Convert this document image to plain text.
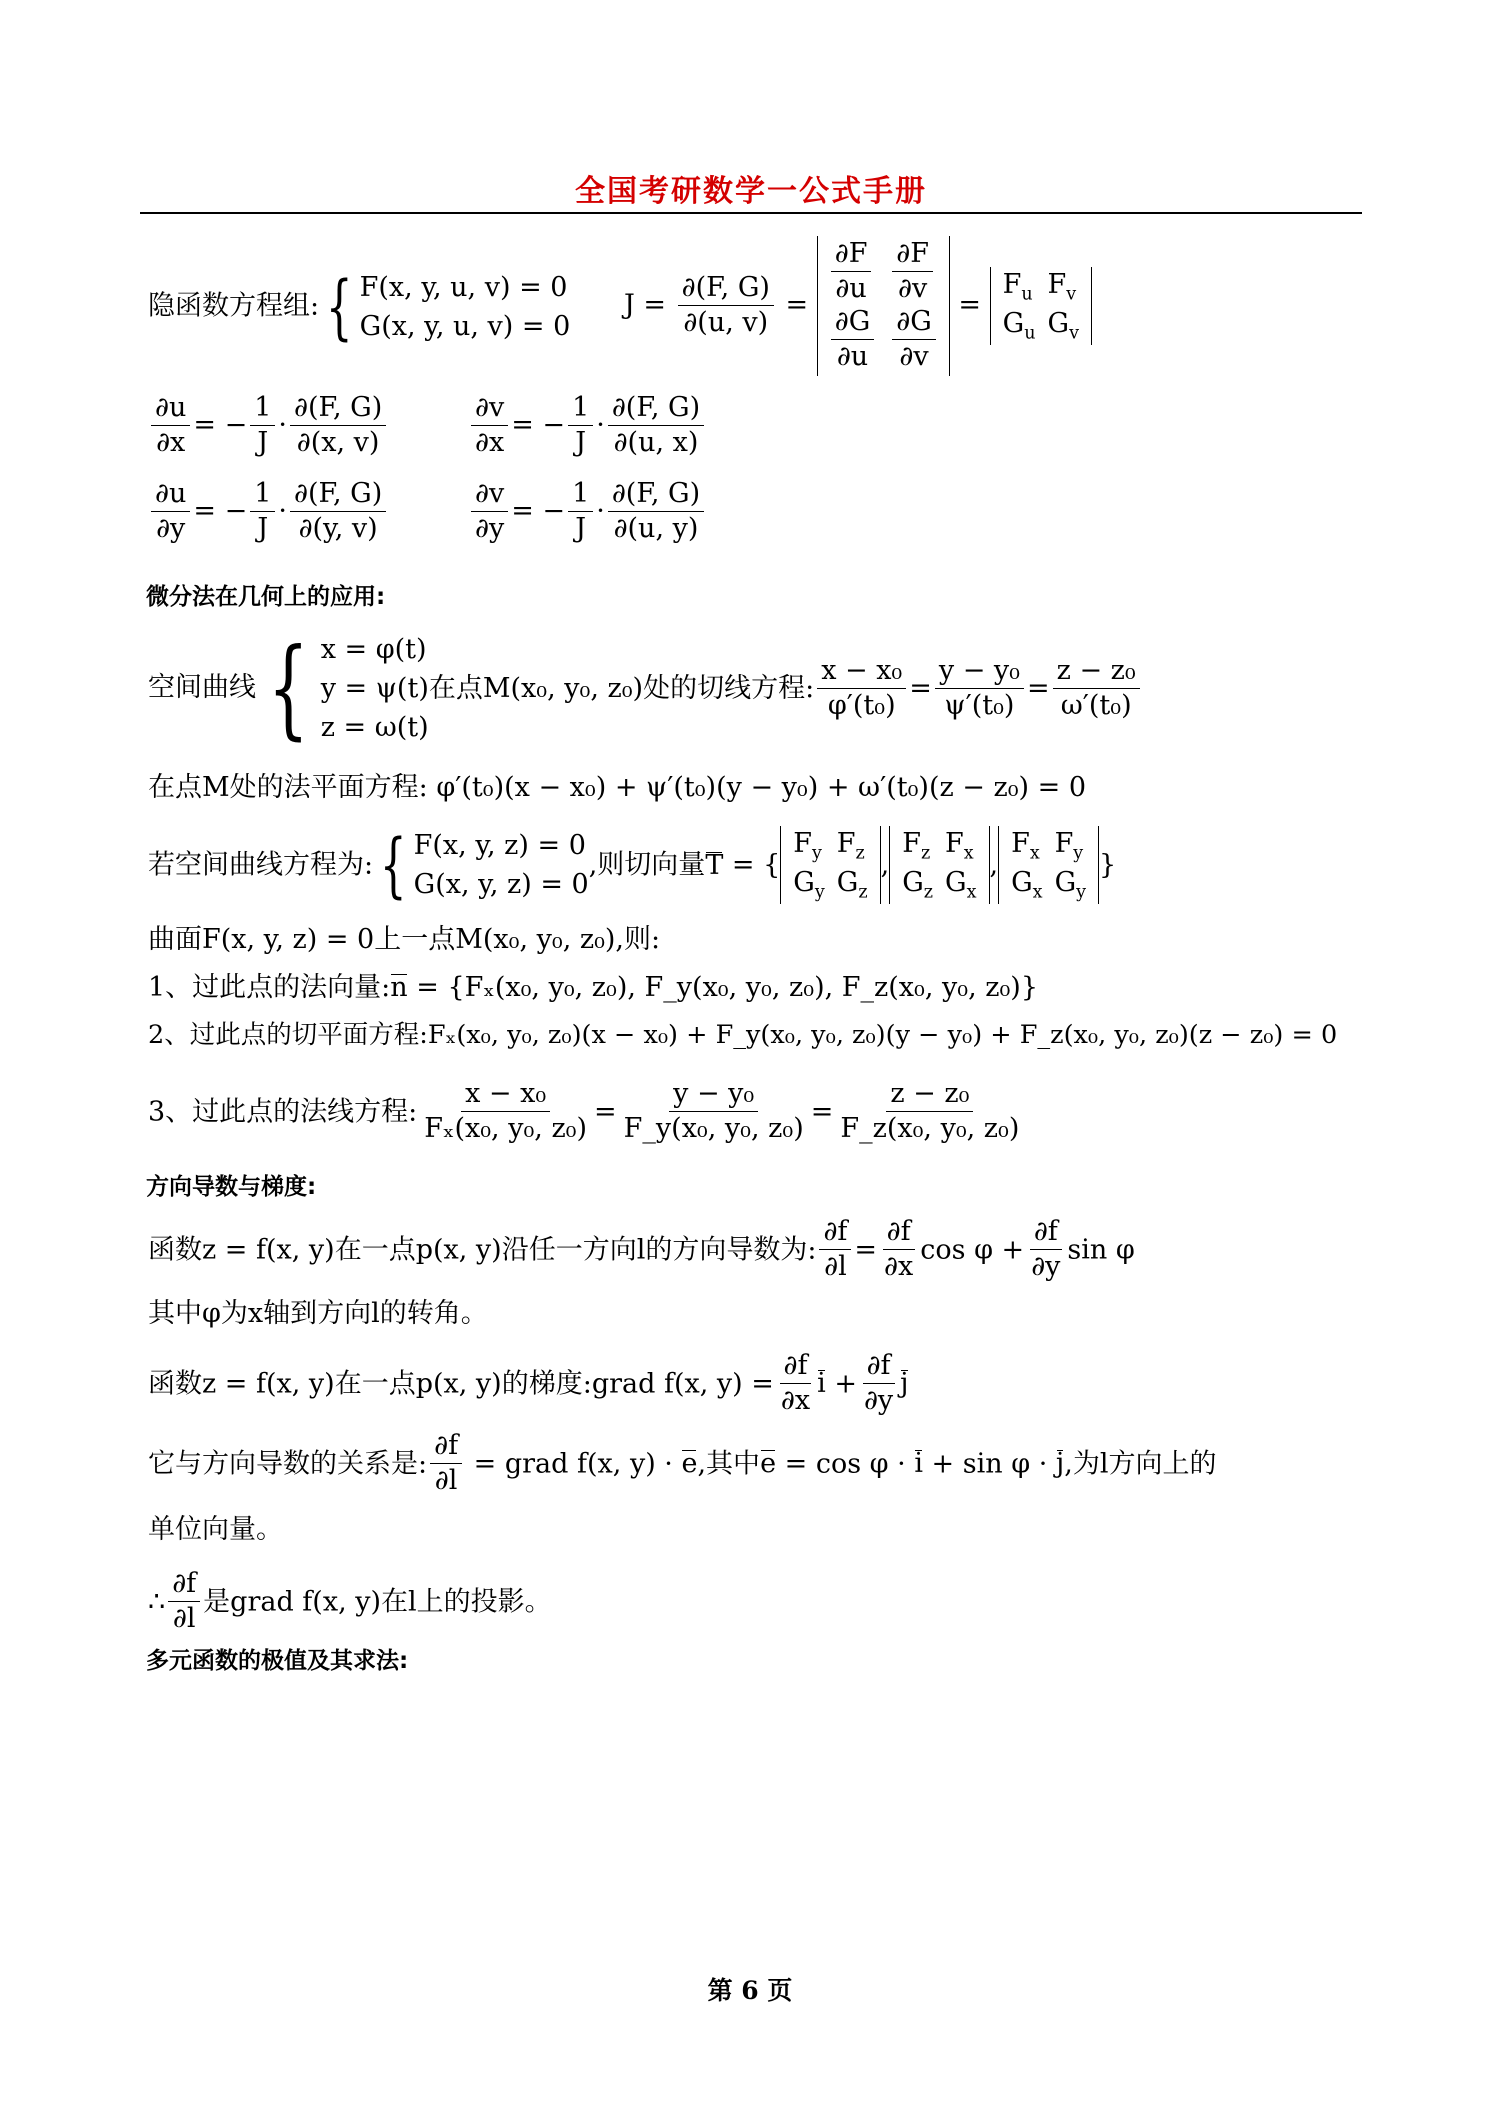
全国考研数学一公式手册
隐函数方程组:{ F(x, y, u, v) = 0
G(x, y, u, v) = 0
$J = \frac{\partial(F, G)}{\partial(u, v)} = \frac{\partial F}{\partial u}$	$\frac{\partial F}{\partial v}$

$\frac{\partial G}{\partial u}$	$\frac{\partial G}{\partial v}$
=
$F_u$	$F_v$
$G_u$	$G_v$
$\frac{\partial u}{\partial x}$ = − $\frac{1}{J} \cdot \frac{\partial(F, G)}{\partial(x, v)}$	$\frac{\partial v}{\partial x}$ = − $\frac{1}{J} \cdot \frac{\partial(F, G)}{\partial(u, x)}$
$\frac{\partial u}{\partial y}$ = − $\frac{1}{J} \cdot \frac{\partial(F, G)}{\partial(y, v)}$	$\frac{\partial v}{\partial y}$ = − $\frac{1}{J} \cdot \frac{\partial(F, G)}{\partial(u, y)}$
微分法在几何上的应用:
空间曲线 { x = φ(t)
y = ψ(t)
z = ω(t)
在点M(x₀, y₀, z₀)处的切线方程: $\frac{\text{x − x₀}}{\text{φ′(t₀)}} = \frac{\text{y − y₀}}{\text{ψ′(t₀)}} = \frac{\text{z − z₀}}{\text{ω′(t₀)}}$
在点M处的法平面方程: φ′(t₀)(x − x₀) + ψ′(t₀)(y − y₀) + ω′(t₀)(z − z₀) = 0
若空间曲线方程为:{ F(x, y, z) = 0
G(x, y, z) = 0
,则切向量T = {
$F_y$	$F_z$
$G_y$	$G_z$
,
$F_z$	$F_x$
$G_z$	$G_x$
,
$F_x$	$F_y$
$G_x$	$G_y$
}
曲面F(x, y, z) = 0上一点M(x₀, y₀, z₀),则:
1、过此点的法向量:n = {Fₓ(x₀, y₀, z₀), F_y(x₀, y₀, z₀), F_z(x₀, y₀, z₀)}
2、过此点的切平面方程:Fₓ(x₀, y₀, z₀)(x − x₀) + F_y(x₀, y₀, z₀)(y − y₀) + F_z(x₀, y₀, z₀)(z − z₀) = 0
3、过此点的法线方程: $\frac{\text{x − x₀}}{\text{Fₓ(x₀, y₀, z₀)}} = \frac{\text{y − y₀}}{\text{F\_y(x₀, y₀, z₀)}} = \frac{\text{z − z₀}}{\text{F\_z(x₀, y₀, z₀)}}$
方向导数与梯度:
函数z = f(x, y)在一点p(x, y)沿任一方向l的方向导数为: $\frac{\partial f}{\partial l} = \frac{\partial f}{\partial x}$ $\cos \varphi + \frac{\partial f}{\partial y}$ sin φ
其中φ为x轴到方向l的转角。
函数z = f(x, y)在一点p(x, y)的梯度:grad f(x, $y) = \frac{\partial f}{\partial x}$ $i + \frac{\partial f}{\partial y}$ j
它与方向导数的关系是: $\frac{\partial f}{\partial l}$ = grad f(x, y) · e,其中e = cos φ · i + sin φ · j,为l方向上的
单位向量。
∴ $\frac{\partial f}{\partial l}$ 是grad f(x, y)在l上的投影。
多元函数的极值及其求法:
第 6 页
